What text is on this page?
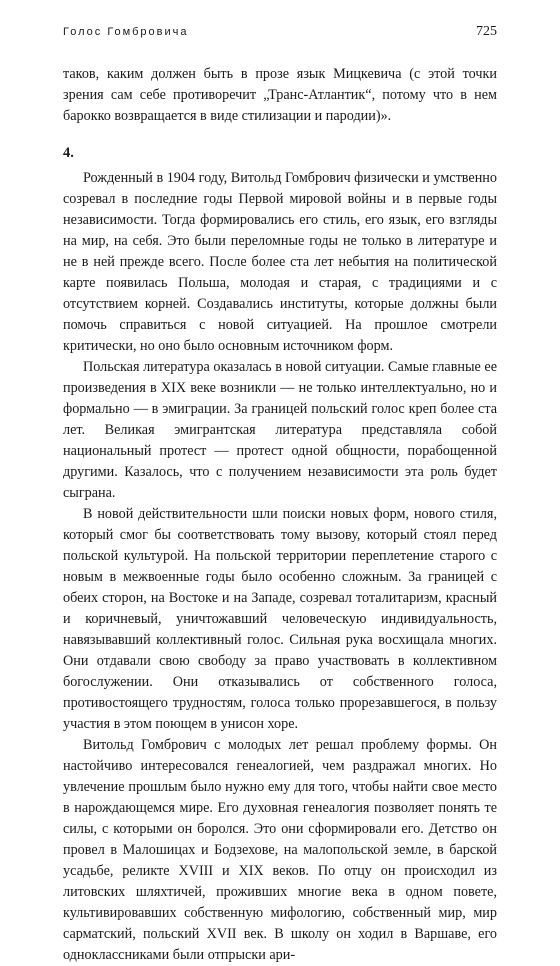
Голос Гомбровича	725

таков, каким должен быть в прозе язык Мицкевича (с этой точки зрения сам себе противоречит „Транс-Атлантик“, потому что в нем барокко возвращается в виде стилизации и пародии)».

4.

Рожденный в 1904 году, Витольд Гомбрович физически и умственно созревал в последние годы Первой мировой войны и в первые годы независимости. Тогда формировались его стиль, его язык, его взгляды на мир, на себя. Это были переломные годы не только в литературе и не в ней прежде всего. После более ста лет небытия на политической карте появилась Польша, молодая и старая, с традициями и с отсутствием корней. Создавались институты, которые должны были помочь справиться с новой ситуацией. На прошлое смотрели критически, но оно было основным источником форм.

Польская литература оказалась в новой ситуации. Самые главные ее произведения в XIX веке возникли — не только интеллектуально, но и формально — в эмиграции. За границей польский голос креп более ста лет. Великая эмигрантская литература представляла собой национальный протест — протест одной общности, порабощенной другими. Казалось, что с получением независимости эта роль будет сыграна.

В новой действительности шли поиски новых форм, нового стиля, который смог бы соответствовать тому вызову, который стоял перед польской культурой. На польской территории переплетение старого с новым в межвоенные годы было особенно сложным. За границей с обеих сторон, на Востоке и на Западе, созревал тоталитаризм, красный и коричневый, уничтожавший человеческую индивидуальность, навязывавший коллективный голос. Сильная рука восхищала многих. Они отдавали свою свободу за право участвовать в коллективном богослужении. Они отказывались от собственного голоса, противостоящего трудностям, голоса только прорезавшегося, в пользу участия в этом поющем в унисон хоре.

Витольд Гомбрович с молодых лет решал проблему формы. Он настойчиво интересовался генеалогией, чем раздражал многих. Но увлечение прошлым было нужно ему для того, чтобы найти свое место в нарождающемся мире. Его духовная генеалогия позволяет понять те силы, с которыми он боролся. Это они сформировали его. Детство он провел в Малошицах и Бодзехове, на малопольской земле, в барской усадьбе, реликте XVIII и XIX веков. По отцу он происходил из литовских шляхтичей, проживших многие века в одном повете, культивировавших собственную мифологию, собственный мир, мир сарматский, польский XVII век. В школу он ходил в Варшаве, его одноклассниками были отпрыски ари-
